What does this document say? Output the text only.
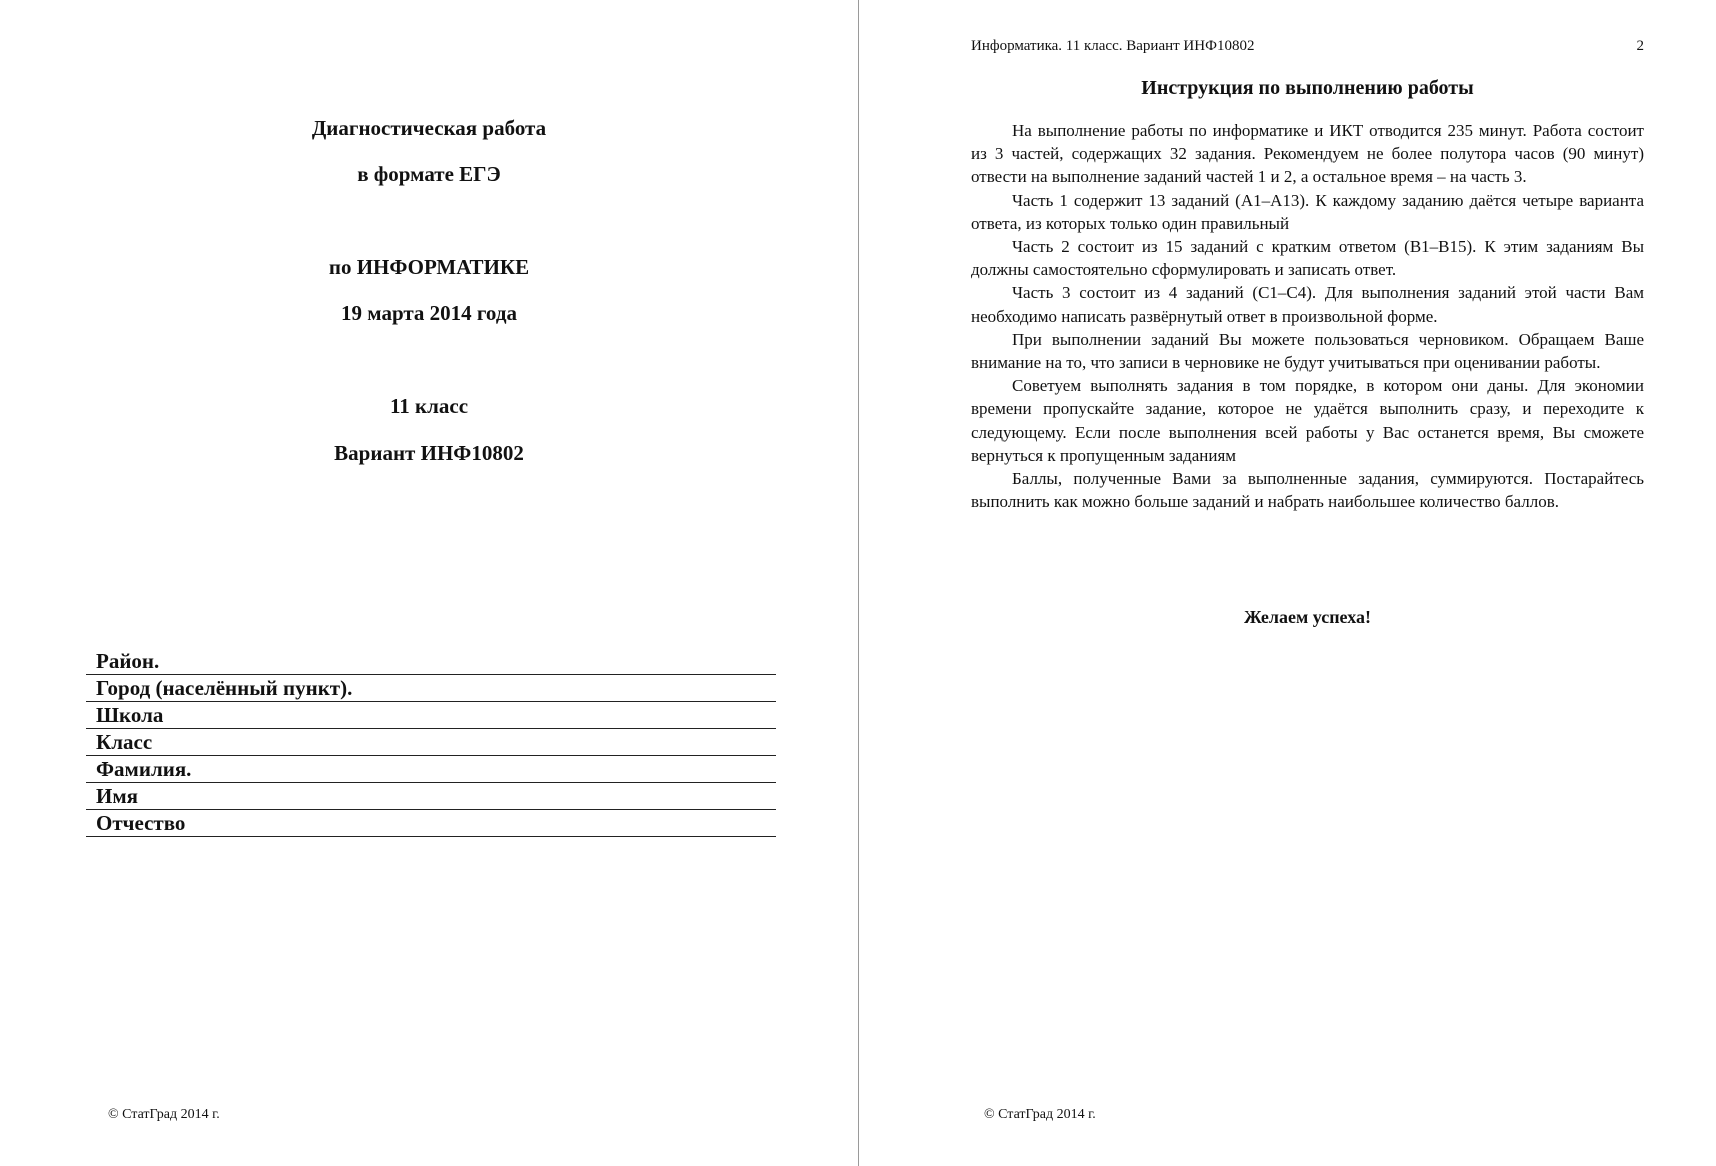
Диагностическая работа
в формате ЕГЭ
по ИНФОРМАТИКЕ
19 марта 2014 года
11 класс
Вариант ИНФ10802
Район.
Город (населённый пункт).
Школа
Класс
Фамилия.
Имя
Отчество
© СтатГрад 2014 г.
Информатика. 11 класс. Вариант ИНФ10802	2
Инструкция по выполнению работы

На выполнение работы по информатике и ИКТ отводится 235 минут. Работа состоит из 3 частей, содержащих 32 задания. Рекомендуем не более полутора часов (90 минут) отвести на выполнение заданий частей 1 и 2, а остальное время – на часть 3.

Часть 1 содержит 13 заданий (А1–А13). К каждому заданию даётся четыре варианта ответа, из которых только один правильный

Часть 2 состоит из 15 заданий с кратким ответом (В1–В15). К этим заданиям Вы должны самостоятельно сформулировать и записать ответ.

Часть 3 состоит из 4 заданий (С1–С4). Для выполнения заданий этой части Вам необходимо написать развёрнутый ответ в произвольной форме.

При выполнении заданий Вы можете пользоваться черновиком. Обращаем Ваше внимание на то, что записи в черновике не будут учитываться при оценивании работы.

Советуем выполнять задания в том порядке, в котором они даны. Для экономии времени пропускайте задание, которое не удаётся выполнить сразу, и переходите к следующему. Если после выполнения всей работы у Вас останется время, Вы сможете вернуться к пропущенным заданиям

Баллы, полученные Вами за выполненные задания, суммируются. Постарайтесь выполнить как можно больше заданий и набрать наибольшее количество баллов.

Желаем успеха!
© СтатГрад 2014 г.
